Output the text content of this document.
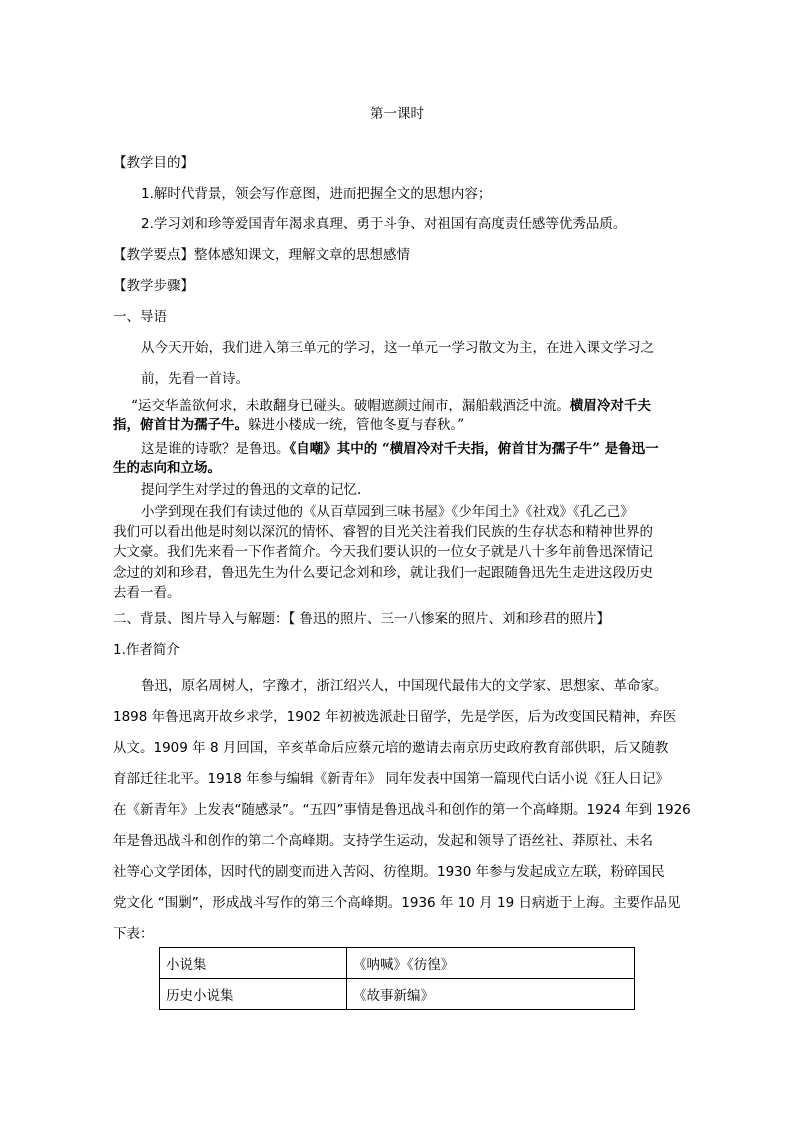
第一课时
【教学目的】
1.解时代背景，领会写作意图，进而把握全文的思想内容；
2.学习刘和珍等爱国青年渴求真理、勇于斗争、对祖国有高度责任感等优秀品质。
【教学要点】整体感知课文，理解文章的思想感情
【教学步骤】
一、导语
从今天开始，我们进入第三单元的学习，这一单元一学习散文为主，在进入课文学习之
前，先看一首诗。
“运交华盖欲何求，未敢翻身已碰头。破帽遮颜过闹市，漏船载酒泛中流。横眉冷对千夫
指，俯首甘为孺子牛。躲进小楼成一统，管他冬夏与春秋。”
这是谁的诗歌？是鲁迅。《自嘲》其中的 “横眉冷对千夫指，俯首甘为孺子牛” 是鲁迅一
生的志向和立场。
提问学生对学过的鲁迅的文章的记忆.
小学到现在我们有读过他的《从百草园到三味书屋》《少年闰土》《社戏》《孔乙己》
我们可以看出他是时刻以深沉的情怀、睿智的目光关注着我们民族的生存状态和精神世界的
大文豪。我们先来看一下作者简介。今天我们要认识的一位女子就是八十多年前鲁迅深情记
念过的刘和珍君，鲁迅先生为什么要记念刘和珍，就让我们一起跟随鲁迅先生走进这段历史
去看一看。
二、背景、图片导入与解题：【 鲁迅的照片、三一八惨案的照片、刘和珍君的照片】
1.作者简介
鲁迅，原名周树人，字豫才，浙江绍兴人，中国现代最伟大的文学家、思想家、革命家。
1898 年鲁迅离开故乡求学，1902 年初被选派赴日留学，先是学医，后为改变国民精神，弃医
从文。1909 年 8 月回国，辛亥革命后应蔡元培的邀请去南京历史政府教育部供职，后又随教
育部迁往北平。1918 年参与编辑《新青年》 同年发表中国第一篇现代白话小说《狂人日记》
在《新青年》上发表“随感录”。“五四”事情是鲁迅战斗和创作的第一个高峰期。1924 年到 1926
年是鲁迅战斗和创作的第二个高峰期。支持学生运动，发起和领导了语丝社、莽原社、未名
社等心文学团体，因时代的剧变而进入苦闷、彷徨期。1930 年参与发起成立左联，粉碎国民
党文化 “围剿”，形成战斗写作的第三个高峰期。1936 年 10 月 19 日病逝于上海。主要作品见
下表：
小说集	《呐喊》《彷徨》
历史小说集	《故事新编》
